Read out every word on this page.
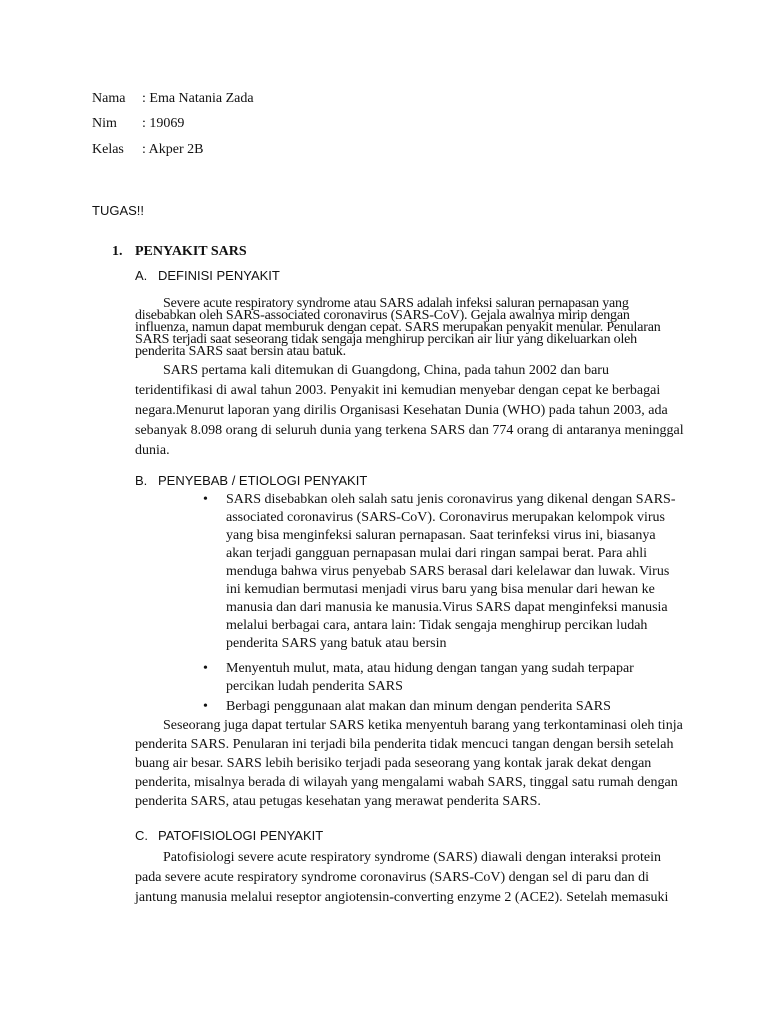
Nama : Ema Natania Zada
Nim : 19069
Kelas : Akper 2B
TUGAS!!
1. PENYAKIT SARS
A. DEFINISI PENYAKIT
Severe acute respiratory syndrome atau SARS adalah infeksi saluran pernapasan yang
disebabkan oleh SARS-associated coronavirus (SARS-CoV). Gejala awalnya mirip dengan
influenza, namun dapat memburuk dengan cepat. SARS merupakan penyakit menular. Penularan
SARS terjadi saat seseorang tidak sengaja menghirup percikan air liur yang dikeluarkan oleh
penderita SARS saat bersin atau batuk.
SARS pertama kali ditemukan di Guangdong, China, pada tahun 2002 dan baru
teridentifikasi di awal tahun 2003. Penyakit ini kemudian menyebar dengan cepat ke berbagai
negara.Menurut laporan yang dirilis Organisasi Kesehatan Dunia (WHO) pada tahun 2003, ada
sebanyak 8.098 orang di seluruh dunia yang terkena SARS dan 774 orang di antaranya meninggal
dunia.
B. PENYEBAB / ETIOLOGI PENYAKIT
• SARS disebabkan oleh salah satu jenis coronavirus yang dikenal dengan SARS-
associated coronavirus (SARS-CoV). Coronavirus merupakan kelompok virus
yang bisa menginfeksi saluran pernapasan. Saat terinfeksi virus ini, biasanya
akan terjadi gangguan pernapasan mulai dari ringan sampai berat. Para ahli
menduga bahwa virus penyebab SARS berasal dari kelelawar dan luwak. Virus
ini kemudian bermutasi menjadi virus baru yang bisa menular dari hewan ke
manusia dan dari manusia ke manusia.Virus SARS dapat menginfeksi manusia
melalui berbagai cara, antara lain: Tidak sengaja menghirup percikan ludah
penderita SARS yang batuk atau bersin
• Menyentuh mulut, mata, atau hidung dengan tangan yang sudah terpapar
percikan ludah penderita SARS
• Berbagi penggunaan alat makan dan minum dengan penderita SARS
Seseorang juga dapat tertular SARS ketika menyentuh barang yang terkontaminasi oleh tinja
penderita SARS. Penularan ini terjadi bila penderita tidak mencuci tangan dengan bersih setelah
buang air besar. SARS lebih berisiko terjadi pada seseorang yang kontak jarak dekat dengan
penderita, misalnya berada di wilayah yang mengalami wabah SARS, tinggal satu rumah dengan
penderita SARS, atau petugas kesehatan yang merawat penderita SARS.
C. PATOFISIOLOGI PENYAKIT
Patofisiologi severe acute respiratory syndrome (SARS) diawali dengan interaksi protein
pada severe acute respiratory syndrome coronavirus (SARS-CoV) dengan sel di paru dan di
jantung manusia melalui reseptor angiotensin-converting enzyme 2 (ACE2). Setelah memasuki
